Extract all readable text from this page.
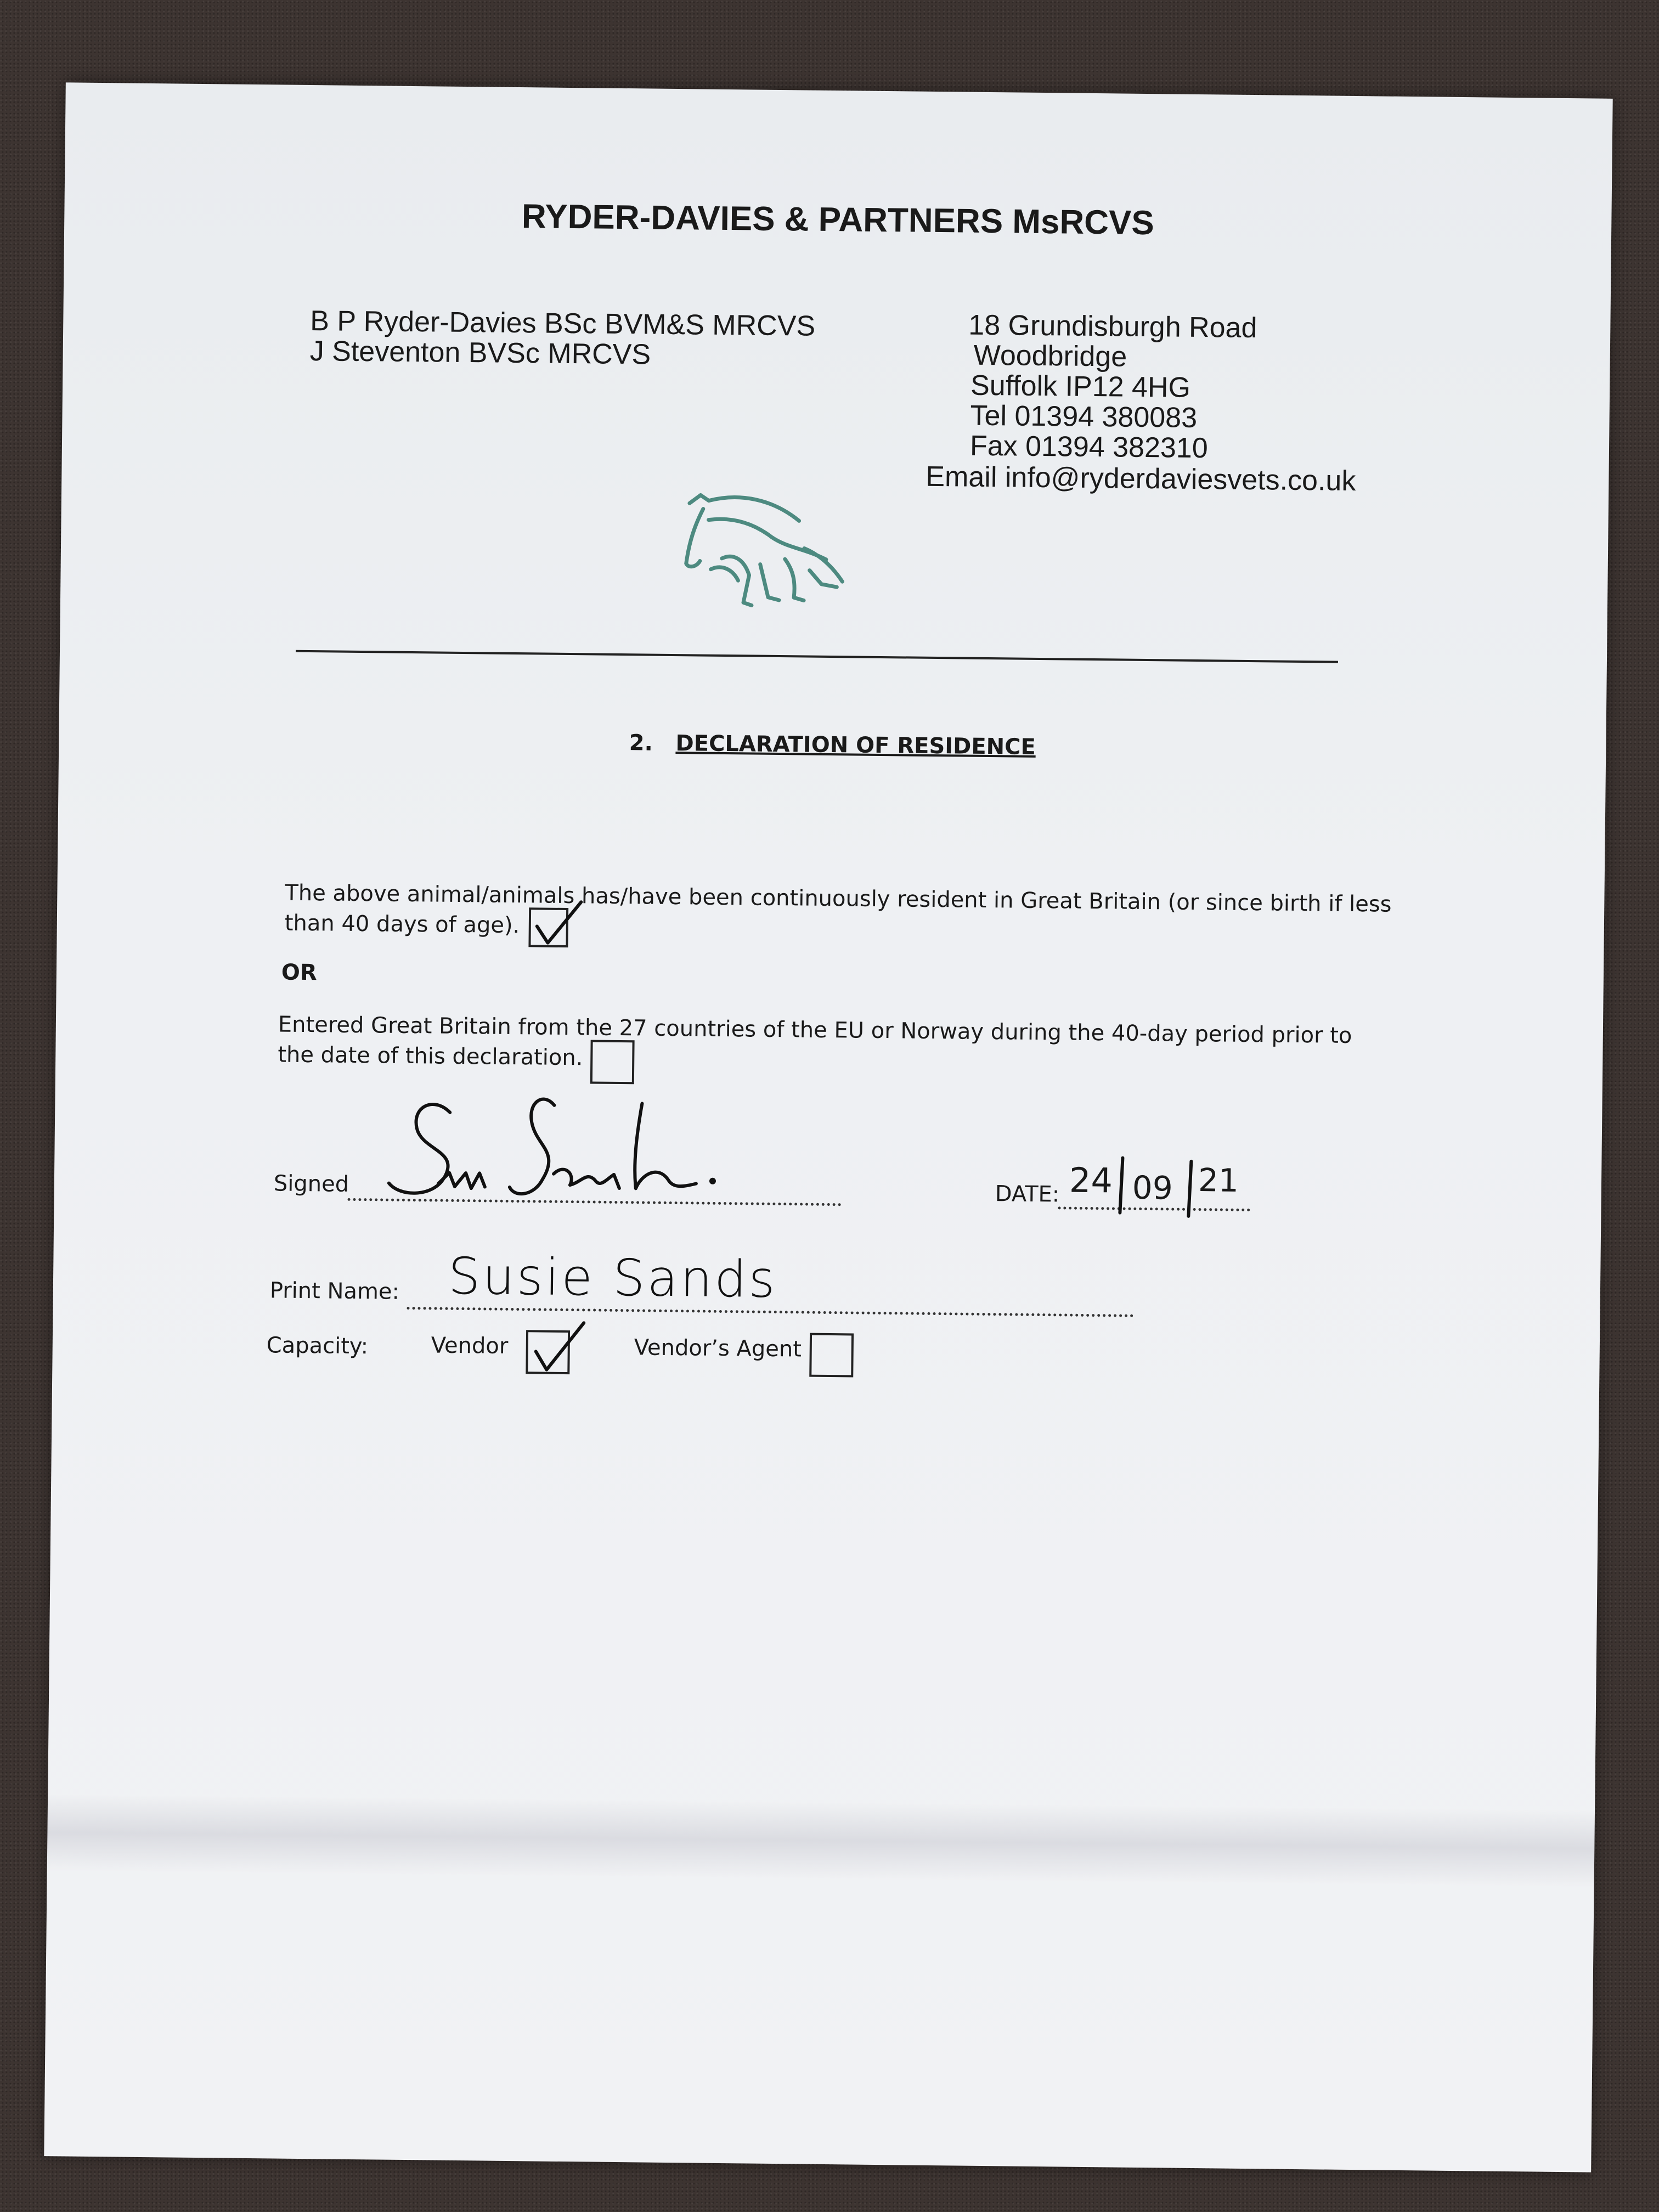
RYDER-DAVIES & PARTNERS MsRCVS
B P Ryder-Davies BSc BVM&S MRCVS
J Steventon BVSc MRCVS
18 Grundisburgh Road
Woodbridge
Suffolk IP12 4HG
Tel 01394 380083
Fax 01394 382310
Email info@ryderdaviesvets.co.uk
2. DECLARATION OF RESIDENCE
The above animal/animals has/have been continuously resident in Great Britain (or since birth if less
than 40 days of age).
OR
Entered Great Britain from the 27 countries of the EU or Norway during the 40-day period prior to
the date of this declaration.
Signed	DATE: 24 09 21
Print Name: Susie Sands
Capacity:	Vendor	Vendor’s Agent
